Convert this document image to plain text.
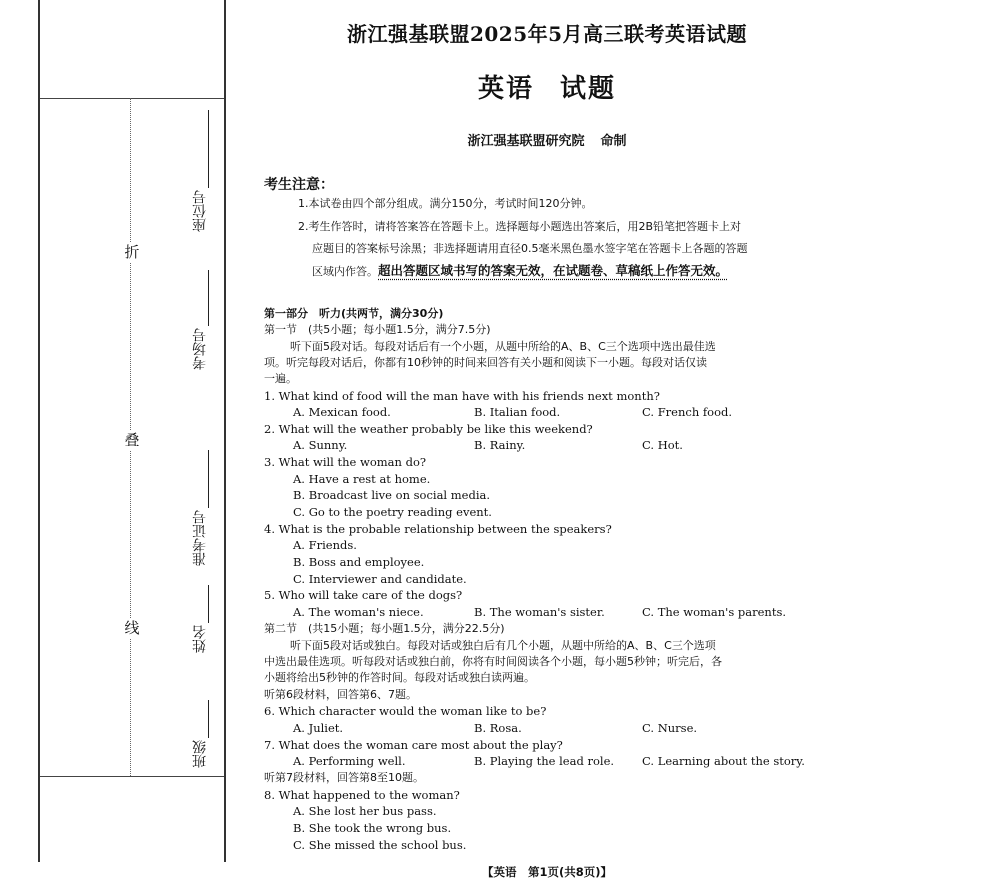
折
叠
线
座位号
考场号
准考证号
姓名
班级
浙江强基联盟2025年5月高三联考英语试题
英语 试题
浙江强基联盟研究院 命制
考生注意：
1.本试卷由四个部分组成。满分150分，考试时间120分钟。
2.考生作答时，请将答案答在答题卡上。选择题每小题选出答案后，用2B铅笔把答题卡上对
应题目的答案标号涂黑；非选择题请用直径0.5毫米黑色墨水签字笔在答题卡上各题的答题
区域内作答。超出答题区域书写的答案无效，在试题卷、草稿纸上作答无效。
第一部分　听力(共两节，满分30分)
第一节　(共5小题；每小题1.5分，满分7.5分)
听下面5段对话。每段对话后有一个小题，从题中所给的A、B、C三个选项中选出最佳选
项。听完每段对话后，你都有10秒钟的时间来回答有关小题和阅读下一小题。每段对话仅读
一遍。
1. What kind of food will the man have with his friends next month?
A. Mexican food.	B. Italian food.	C. French food.
2. What will the weather probably be like this weekend?
A. Sunny.	B. Rainy.	C. Hot.
3. What will the woman do?
A. Have a rest at home.
B. Broadcast live on social media.
C. Go to the poetry reading event.
4. What is the probable relationship between the speakers?
A. Friends.
B. Boss and employee.
C. Interviewer and candidate.
5. Who will take care of the dogs?
A. The woman's niece.	B. The woman's sister.	C. The woman's parents.
第二节　(共15小题；每小题1.5分，满分22.5分)
听下面5段对话或独白。每段对话或独白后有几个小题，从题中所给的A、B、C三个选项
中选出最佳选项。听每段对话或独白前，你将有时间阅读各个小题，每小题5秒钟；听完后，各
小题将给出5秒钟的作答时间。每段对话或独白读两遍。
听第6段材料，回答第6、7题。
6. Which character would the woman like to be?
A. Juliet.	B. Rosa.	C. Nurse.
7. What does the woman care most about the play?
A. Performing well.	B. Playing the lead role. C. Learning about the story.
听第7段材料，回答第8至10题。
8. What happened to the woman?
A. She lost her bus pass.
B. She took the wrong bus.
C. She missed the school bus.
【英语　第1页(共8页)】
